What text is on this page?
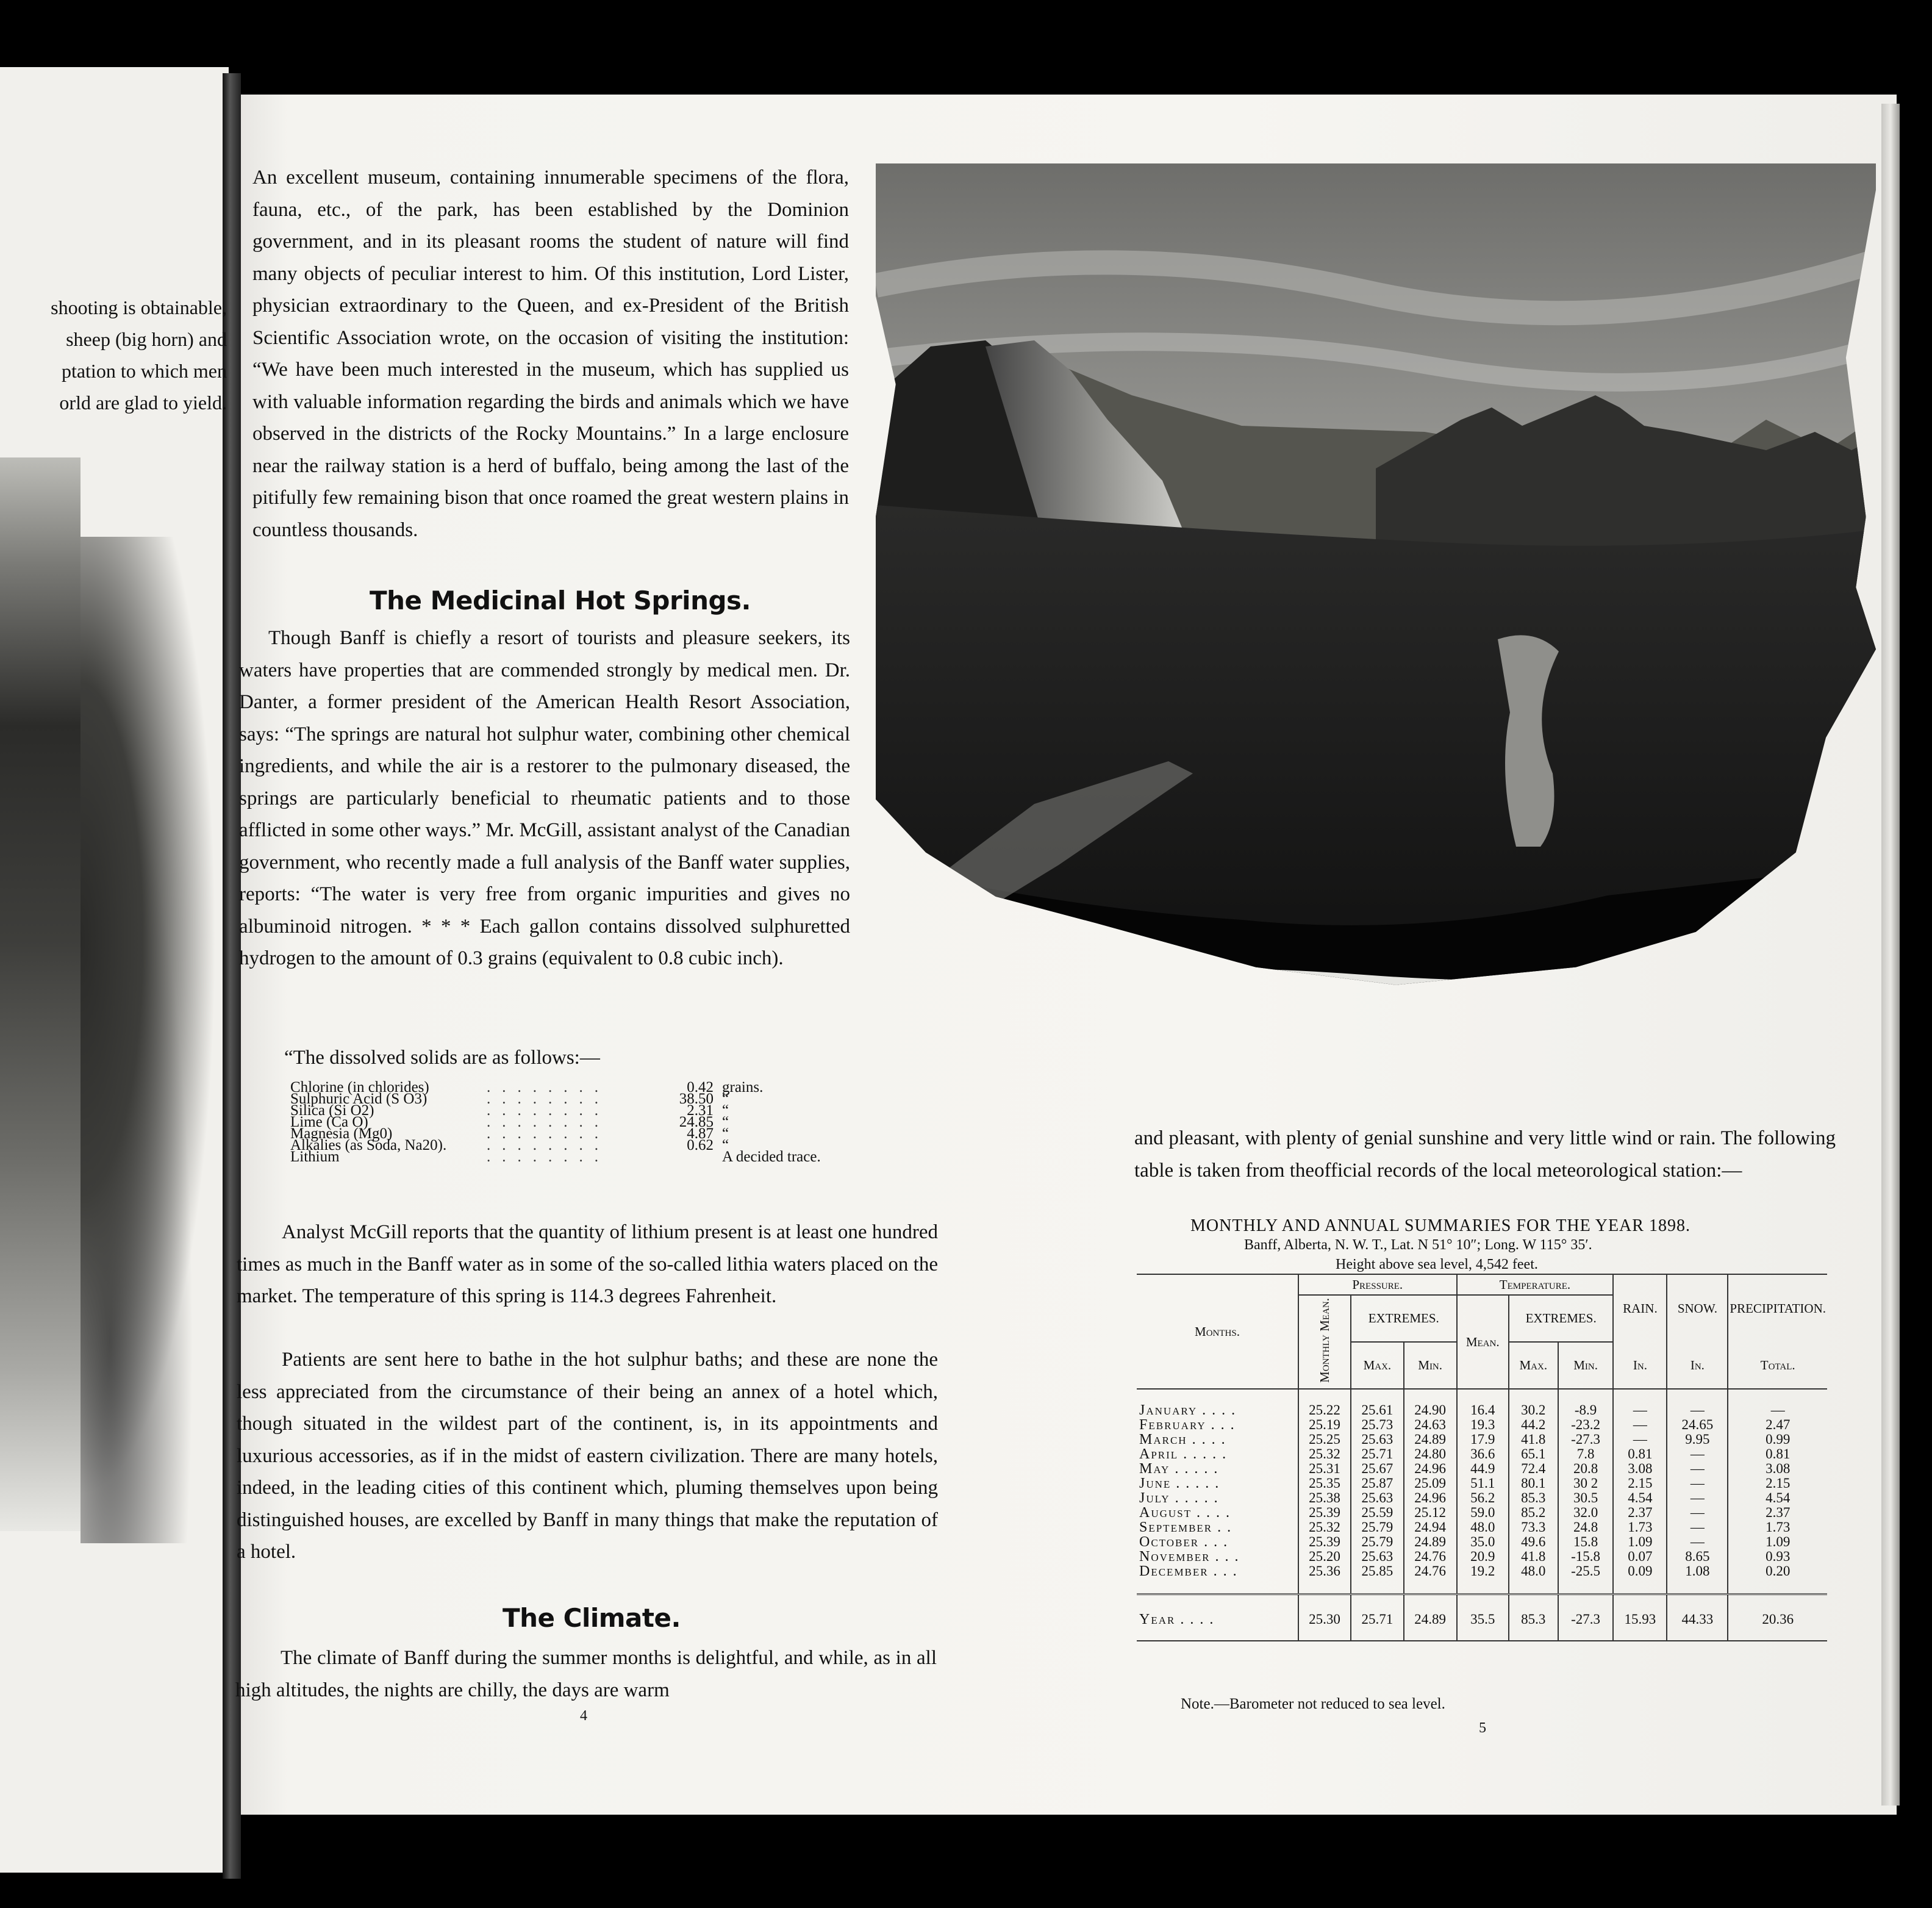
shooting is obtainable,

sheep (big horn) and

ptation to which men

orld are glad to yield.

An excellent museum, containing innumerable specimens of the flora, fauna, etc., of the park, has been established by the Dominion government, and in its pleasant rooms the student of nature will find many objects of peculiar interest to him. Of this institution, Lord Lister, physician extraordinary to the Queen, and ex-President of the British Scientific Association wrote, on the occasion of visiting the institution: “We have been much interested in the museum, which has supplied us with valuable information regarding the birds and animals which we have observed in the districts of the Rocky Mountains.” In a large enclosure near the railway station is a herd of buffalo, being among the last of the pitifully few remaining bison that once roamed the great western plains in countless thousands.
The Medicinal Hot Springs.
Though Banff is chiefly a resort of tourists and pleasure seekers, its waters have properties that are commended strongly by medical men. Dr. Danter, a former president of the American Health Resort Association, says: “The springs are natural hot sulphur water, combining other chemical ingredients, and while the air is a restorer to the pulmonary diseased, the springs are particularly beneficial to rheumatic patients and to those afflicted in some other ways.” Mr. McGill, assistant analyst of the Canadian government, who recently made a full analysis of the Banff water supplies, reports: “The water is very free from organic impurities and gives no albuminoid nitrogen. * * * Each gallon contains dissolved sulphuretted hydrogen to the amount of 0.3 grains (equivalent to 0.8 cubic inch).
“The dissolved solids are as follows:—
Chlorine (in chlorides)	........	0.42 grains.
Sulphuric Acid (S O3)	........	38.50 “
Silica (Si O2)	........	2.31 “
Lime (Ca O)	........	24.85 “
Magnesia (Mg0)	........	4.87 “
Alkalies (as Soda, Na20).	........	0.62 “
Lithium	........	A decided trace.
Analyst McGill reports that the quantity of lithium present is at least one hundred times as much in the Banff water as in some of the so-called lithia waters placed on the market. The temperature of this spring is 114.3 degrees Fahrenheit.
Patients are sent here to bathe in the hot sulphur baths; and these are none the less appreciated from the circumstance of their being an annex of a hotel which, though situated in the wildest part of the continent, is, in its appointments and luxurious accessories, as if in the midst of eastern civilization. There are many hotels, indeed, in the leading cities of this continent which, pluming themselves upon being distinguished houses, are excelled by Banff in many things that make the reputation of a hotel.
The Climate.
The climate of Banff during the summer months is delightful, and while, as in all high altitudes, the nights are chilly, the days are warm
4
and pleasant, with plenty of genial sunshine and very little wind or rain. The following table is taken from theofficial records of the local meteorological station:—
MONTHLY AND ANNUAL SUMMARIES FOR THE YEAR 1898.
Banff, Alberta, N. W. T., Lat. N 51° 10″; Long. W 115° 35′.
Height above sea level, 4,542 feet.
Months.	Pressure.			Temperature.			RAIN.	SNOW.	PRECIPITATION.
	Monthly Mean.	EXTREMES.		Mean.	EXTREMES.				
		Max.	Min.		Max.	Min.	In.	In.	Total.
January . . . .	25.22	25.61	24.90	16.4	30.2	-8.9	—	—	—
February . . .	25.19	25.73	24.63	19.3	44.2	-23.2	—	24.65	2.47
March . . . .	25.25	25.63	24.89	17.9	41.8	-27.3	—	9.95	0.99
April . . . . .	25.32	25.71	24.80	36.6	65.1	7.8	0.81	—	0.81
May . . . . .	25.31	25.67	24.96	44.9	72.4	20.8	3.08	—	3.08
June . . . . .	25.35	25.87	25.09	51.1	80.1	30 2	2.15	—	2.15
July . . . . .	25.38	25.63	24.96	56.2	85.3	30.5	4.54	—	4.54
August . . . .	25.39	25.59	25.12	59.0	85.2	32.0	2.37	—	2.37
September . .	25.32	25.79	24.94	48.0	73.3	24.8	1.73	—	1.73
October . . .	25.39	25.79	24.89	35.0	49.6	15.8	1.09	—	1.09
November . . .	25.20	25.63	24.76	20.9	41.8	-15.8	0.07	8.65	0.93
December . . .	25.36	25.85	24.76	19.2	48.0	-25.5	0.09	1.08	0.20

Year . . . .	25.30	25.71	24.89	35.5	85.3	-27.3	15.93	44.33	20.36
Note.—Barometer not reduced to sea level.
5
